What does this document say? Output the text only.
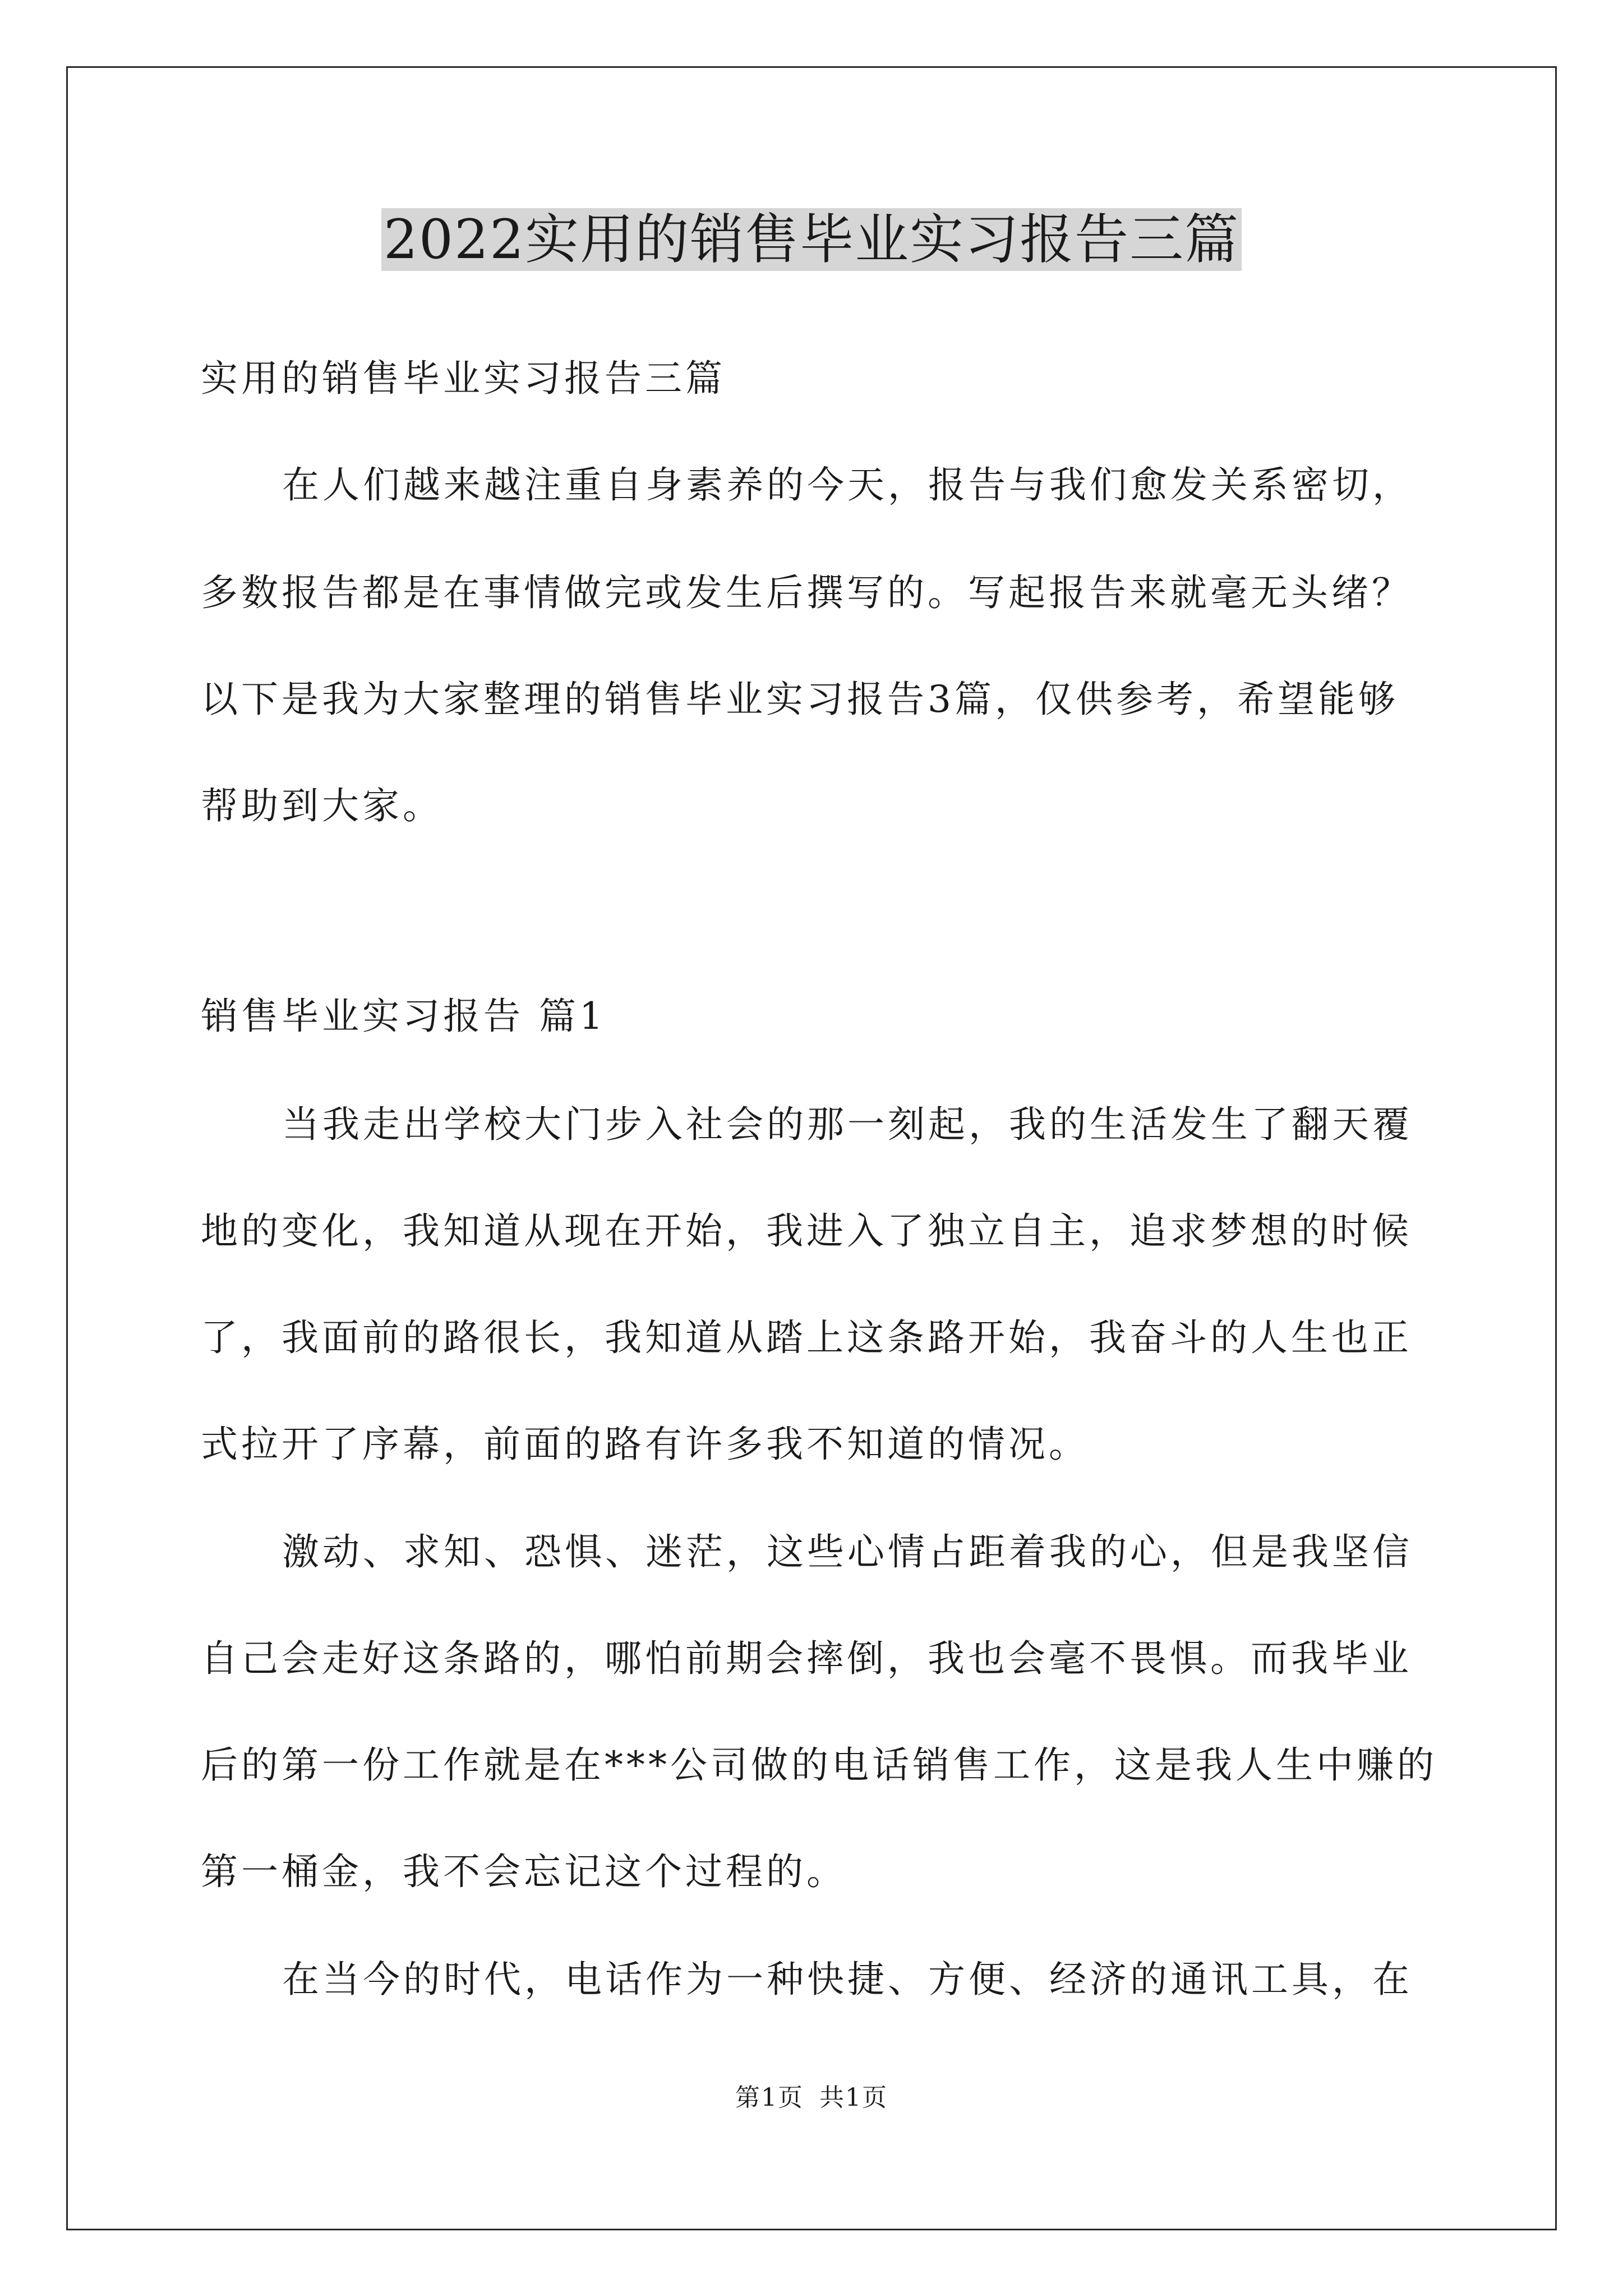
2022实用的销售毕业实习报告三篇
实用的销售毕业实习报告三篇
在人们越来越注重自身素养的今天，报告与我们愈发关系密切，
多数报告都是在事情做完或发生后撰写的。写起报告来就毫无头绪？
以下是我为大家整理的销售毕业实习报告3篇，仅供参考，希望能够
帮助到大家。
销售毕业实习报告 篇1
当我走出学校大门步入社会的那一刻起，我的生活发生了翻天覆
地的变化，我知道从现在开始，我进入了独立自主，追求梦想的时候
了，我面前的路很长，我知道从踏上这条路开始，我奋斗的人生也正
式拉开了序幕，前面的路有许多我不知道的情况。
激动、求知、恐惧、迷茫，这些心情占距着我的心，但是我坚信
自己会走好这条路的，哪怕前期会摔倒，我也会毫不畏惧。而我毕业
后的第一份工作就是在***公司做的电话销售工作，这是我人生中赚的
第一桶金，我不会忘记这个过程的。
在当今的时代，电话作为一种快捷、方便、经济的通讯工具，在
第1页 共1页
